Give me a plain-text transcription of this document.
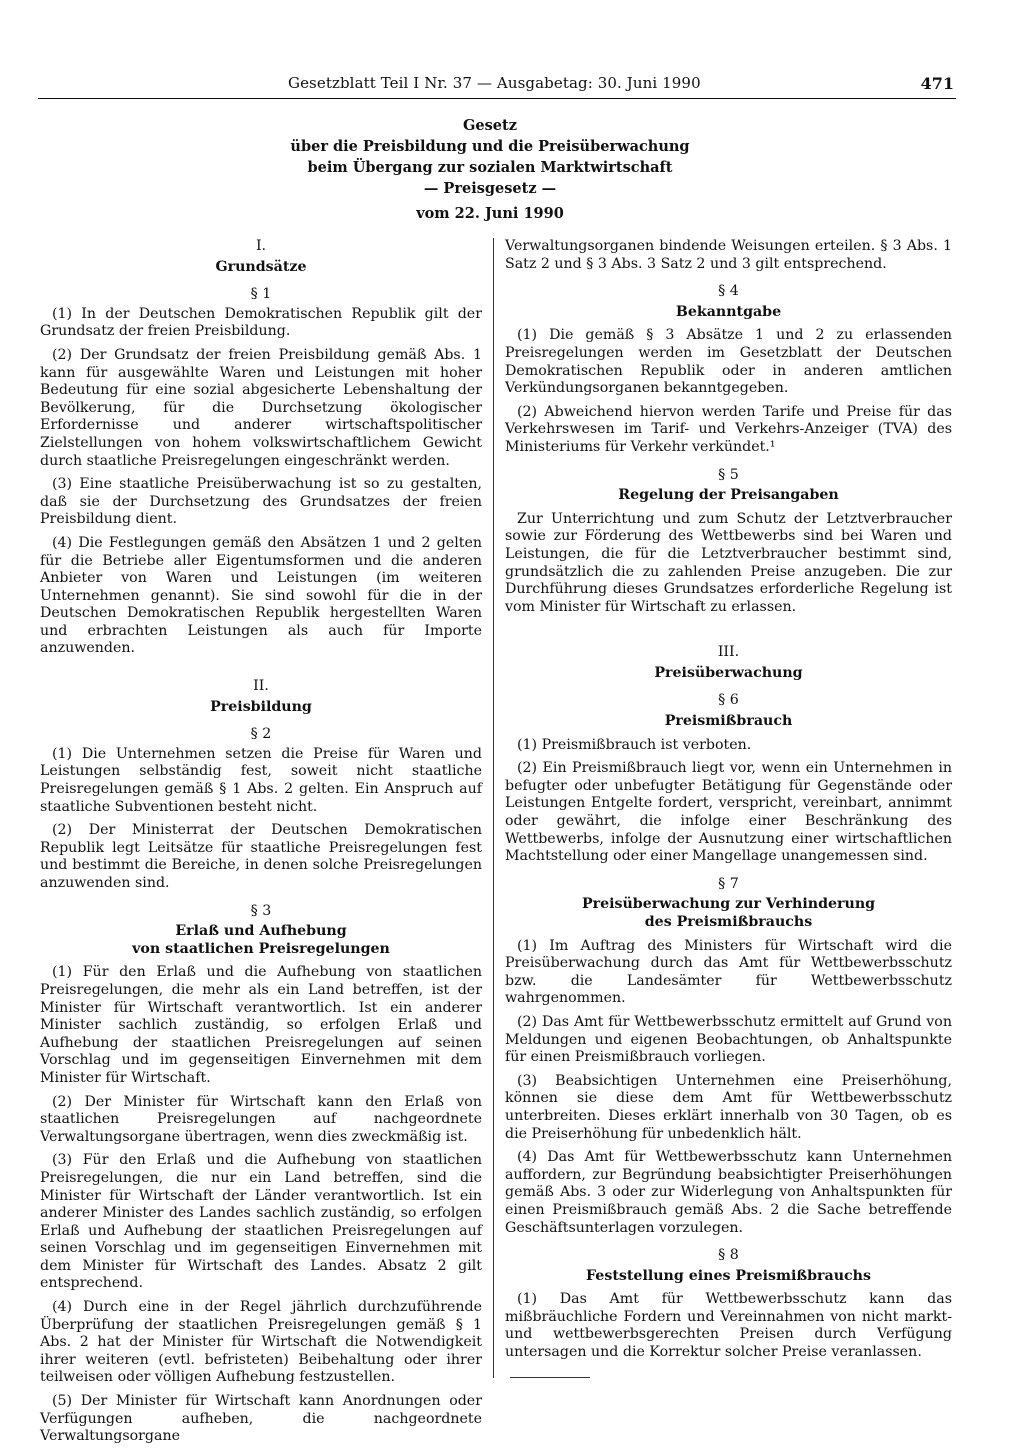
Gesetzblatt Teil I Nr. 37 — Ausgabetag: 30. Juni 1990	471
Gesetz
über die Preisbildung und die Preisüberwachung
beim Übergang zur sozialen Marktwirtschaft
— Preisgesetz —
vom 22. Juni 1990
I.
Grundsätze
§ 1

(1) In der Deutschen Demokratischen Republik gilt der Grundsatz der freien Preisbildung.

(2) Der Grundsatz der freien Preisbildung gemäß Abs. 1 kann für ausgewählte Waren und Leistungen mit hoher Bedeutung für eine sozial abgesicherte Lebenshaltung der Bevölkerung, für die Durchsetzung ökologischer Erfordernisse und anderer wirtschaftspolitischer Zielstellungen von hohem volkswirtschaftlichem Gewicht durch staatliche Preisregelungen eingeschränkt werden.

(3) Eine staatliche Preisüberwachung ist so zu gestalten, daß sie der Durchsetzung des Grundsatzes der freien Preisbildung dient.

(4) Die Festlegungen gemäß den Absätzen 1 und 2 gelten für die Betriebe aller Eigentumsformen und die anderen Anbieter von Waren und Leistungen (im weiteren Unternehmen genannt). Sie sind sowohl für die in der Deutschen Demokratischen Republik hergestellten Waren und erbrachten Leistungen als auch für Importe anzuwenden.

II.
Preisbildung
§ 2

(1) Die Unternehmen setzen die Preise für Waren und Leistungen selbständig fest, soweit nicht staatliche Preisregelungen gemäß § 1 Abs. 2 gelten. Ein Anspruch auf staatliche Subventionen besteht nicht.

(2) Der Ministerrat der Deutschen Demokratischen Republik legt Leitsätze für staatliche Preisregelungen fest und bestimmt die Bereiche, in denen solche Preisregelungen anzuwenden sind.

§ 3
Erlaß und Aufhebung
von staatlichen Preisregelungen

(1) Für den Erlaß und die Aufhebung von staatlichen Preisregelungen, die mehr als ein Land betreffen, ist der Minister für Wirtschaft verantwortlich. Ist ein anderer Minister sachlich zuständig, so erfolgen Erlaß und Aufhebung der staatlichen Preisregelungen auf seinen Vorschlag und im gegenseitigen Einvernehmen mit dem Minister für Wirtschaft.

(2) Der Minister für Wirtschaft kann den Erlaß von staatlichen Preisregelungen auf nachgeordnete Verwaltungsorgane übertragen, wenn dies zweckmäßig ist.

(3) Für den Erlaß und die Aufhebung von staatlichen Preisregelungen, die nur ein Land betreffen, sind die Minister für Wirtschaft der Länder verantwortlich. Ist ein anderer Minister des Landes sachlich zuständig, so erfolgen Erlaß und Aufhebung der staatlichen Preisregelungen auf seinen Vorschlag und im gegenseitigen Einvernehmen mit dem Minister für Wirtschaft des Landes. Absatz 2 gilt entsprechend.

(4) Durch eine in der Regel jährlich durchzuführende Überprüfung der staatlichen Preisregelungen gemäß § 1 Abs. 2 hat der Minister für Wirtschaft die Notwendigkeit ihrer weiteren (evtl. befristeten) Beibehaltung oder ihrer teilweisen oder völligen Aufhebung festzustellen.

(5) Der Minister für Wirtschaft kann Anordnungen oder Verfügungen aufheben, die nachgeordnete Verwaltungsorgane

Verwaltungsorganen bindende Weisungen erteilen. § 3 Abs. 1 Satz 2 und § 3 Abs. 3 Satz 2 und 3 gilt entsprechend.

§ 4
Bekanntgabe

(1) Die gemäß § 3 Absätze 1 und 2 zu erlassenden Preisregelungen werden im Gesetzblatt der Deutschen Demokratischen Republik oder in anderen amtlichen Verkündungsorganen bekanntgegeben.

(2) Abweichend hiervon werden Tarife und Preise für das Verkehrswesen im Tarif- und Verkehrs-Anzeiger (TVA) des Ministeriums für Verkehr verkündet.¹

§ 5
Regelung der Preisangaben

Zur Unterrichtung und zum Schutz der Letztverbraucher sowie zur Förderung des Wettbewerbs sind bei Waren und Leistungen, die für die Letztverbraucher bestimmt sind, grundsätzlich die zu zahlenden Preise anzugeben. Die zur Durchführung dieses Grundsatzes erforderliche Regelung ist vom Minister für Wirtschaft zu erlassen.

III.
Preisüberwachung
§ 6
Preismißbrauch

(1) Preismißbrauch ist verboten.

(2) Ein Preismißbrauch liegt vor, wenn ein Unternehmen in befugter oder unbefugter Betätigung für Gegenstände oder Leistungen Entgelte fordert, verspricht, vereinbart, annimmt oder gewährt, die infolge einer Beschränkung des Wettbewerbs, infolge der Ausnutzung einer wirtschaftlichen Machtstellung oder einer Mangellage unangemessen sind.

§ 7
Preisüberwachung zur Verhinderung
des Preismißbrauchs

(1) Im Auftrag des Ministers für Wirtschaft wird die Preisüberwachung durch das Amt für Wettbewerbsschutz bzw. die Landesämter für Wettbewerbsschutz wahrgenommen.

(2) Das Amt für Wettbewerbsschutz ermittelt auf Grund von Meldungen und eigenen Beobachtungen, ob Anhaltspunkte für einen Preismißbrauch vorliegen.

(3) Beabsichtigen Unternehmen eine Preiserhöhung, können sie diese dem Amt für Wettbewerbsschutz unterbreiten. Dieses erklärt innerhalb von 30 Tagen, ob es die Preiserhöhung für unbedenklich hält.

(4) Das Amt für Wettbewerbsschutz kann Unternehmen auffordern, zur Begründung beabsichtigter Preiserhöhungen gemäß Abs. 3 oder zur Widerlegung von Anhaltspunkten für einen Preismißbrauch gemäß Abs. 2 die Sache betreffende Geschäftsunterlagen vorzulegen.

§ 8
Feststellung eines Preismißbrauchs

(1) Das Amt für Wettbewerbsschutz kann das mißbräuchliche Fordern und Vereinnahmen von nicht markt- und wettbewerbsgerechten Preisen durch Verfügung untersagen und die Korrektur solcher Preise veranlassen.
